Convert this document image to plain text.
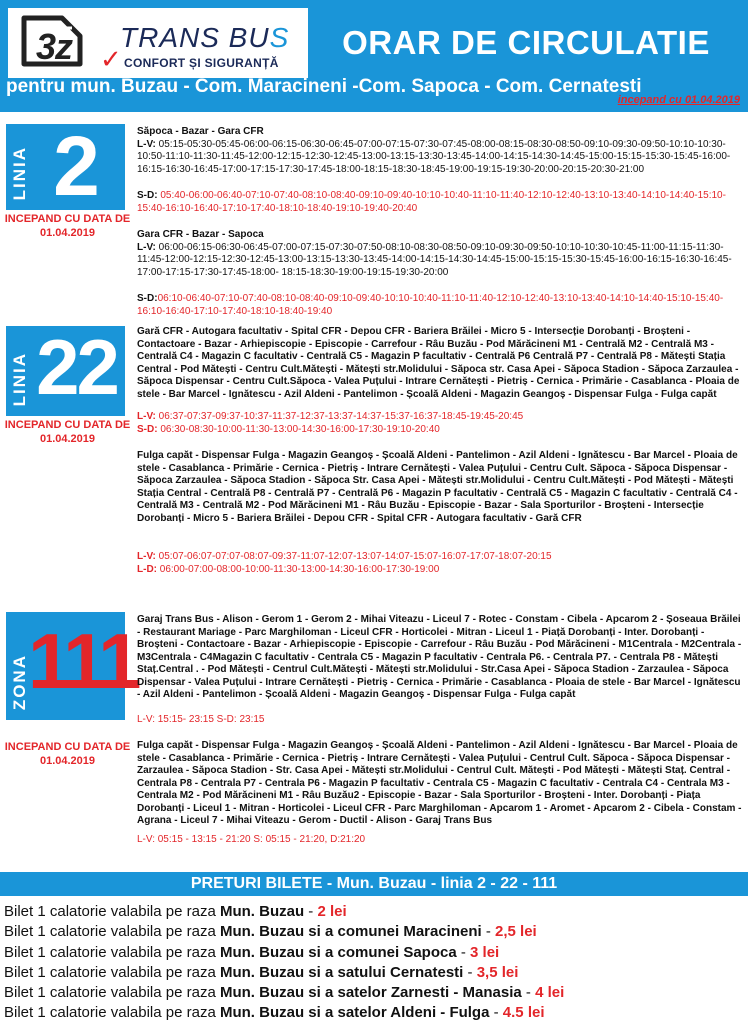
3z ✓
TRANS BUS
CONFORT ȘI SIGURANȚĂ
ORAR DE CIRCULATIE
pentru mun. Buzau - Com. Maracineni -Com. Sapoca - Com. Cernatesti
incepand cu 01.04.2019
LINIA 2
INCEPAND CU DATA DE 01.04.2019
Săpoca - Bazar - Gara CFR
L-V: 05:15-05:30-05:45-06:00-06:15-06:30-06:45-07:00-07:15-07:30-07:45-08:00-08:15-08:30-08:50-09:10-09:30-09:50-10:10-10:30-10:50-11:10-11:30-11:45-12:00-12:15-12:30-12:45-13:00-13:15-13:30-13:45-14:00-14:15-14:30-14:45-15:00-15:15-15:30-15:45-16:00-16:15-16:30-16:45-17:00-17:15-17:30-17:45-18:00-18:15-18:30-18:45-19:00-19:15-19:30-20:00-20:15-20:30-21:00
S-D: 05:40-06:00-06:40-07:10-07:40-08:10-08:40-09:10-09:40-10:10-10:40-11:10-11:40-12:10-12:40-13:10-13:40-14:10-14:40-15:10-15:40-16:10-16:40-17:10-17:40-18:10-18:40-19:10-19:40-20:40
Gara CFR - Bazar - Sapoca
L-V: 06:00-06:15-06:30-06:45-07:00-07:15-07:30-07:50-08:10-08:30-08:50-09:10-09:30-09:50-10:10-10:30-10:45-11:00-11:15-11:30-11:45-12:00-12:15-12:30-12:45-13:00-13:15-13:30-13:45-14:00-14:15-14:30-14:45-15:00-15:15-15:30-15:45-16:00-16:15-16:30-16:45-17:00-17:15-17:30-17:45-18:00- 18:15-18:30-19:00-19:15-19:30-20:00
S-D:06:10-06:40-07:10-07:40-08:10-08:40-09:10-09:40-10:10-10:40-11:10-11:40-12:10-12:40-13:10-13:40-14:10-14:40-15:10-15:40-16:10-16:40-17:10-17:40-18:10-18:40-19:40
LINIA 22
INCEPAND CU DATA DE 01.04.2019
Gară CFR - Autogara facultativ - Spital CFR - Depou CFR - Bariera Brăilei - Micro 5 - Intersecție Dorobanți - Broșteni - Contactoare - Bazar - Arhiepiscopie - Episcopie - Carrefour - Râu Buzău - Pod Mărăcineni M1 - Centrală M2 - Centrală M3 - Centrală C4 - Magazin C facultativ - Centrală C5 - Magazin P facultativ - Centrală P6 Centrală P7 - Centrală P8 - Mătești Stația Central - Pod Mătești - Centru Cult.Mătești - Mătești str.Molidului - Săpoca str. Casa Apei - Săpoca Stadion - Săpoca Zarzaulea - Săpoca Dispensar - Centru Cult.Săpoca - Valea Puțului - Intrare Cernătești - Pietriș - Cernica - Primărie - Casablanca - Ploaia de stele - Bar Marcel - Ignătescu - Azil Aldeni - Pantelimon - Școală Aldeni - Magazin Geangoș - Dispensar Fulga - Fulga capăt
L-V: 06:37-07:37-09:37-10:37-11:37-12:37-13:37-14:37-15:37-16:37-18:45-19:45-20:45
S-D: 06:30-08:30-10:00-11:30-13:00-14:30-16:00-17:30-19:10-20:40
Fulga capăt - Dispensar Fulga - Magazin Geangoș - Școală Aldeni - Pantelimon - Azil Aldeni - Ignătescu - Bar Marcel - Ploaia de stele - Casablanca - Primărie - Cernica - Pietriș - Intrare Cernătești - Valea Puțului - Centru Cult. Săpoca - Săpoca Dispensar - Săpoca Zarzaulea - Săpoca Stadion - Săpoca Str. Casa Apei - Mătești str.Molidului - Centru Cult.Mătești - Pod Mătești - Mătești Stația Central - Centrală P8 - Centrală P7 - Centrală P6 - Magazin P facultativ - Centrală C5 - Magazin C facultativ - Centrală C4 - Centrală M3 - Centrală M2 - Pod Mărăcineni M1 - Râu Buzău - Episcopie - Bazar - Sala Sporturilor - Broșteni - Intersecție Dorobanți - Micro 5 - Bariera Brăilei - Depou CFR - Spital CFR - Autogara facultativ - Gară CFR
L-V: 05:07-06:07-07:07-08:07-09:37-11:07-12:07-13:07-14:07-15:07-16:07-17:07-18:07-20:15
L-D: 06:00-07:00-08:00-10:00-11:30-13:00-14:30-16:00-17:30-19:00
ZONA 111
INCEPAND CU DATA DE 01.04.2019
Garaj Trans Bus - Alison - Gerom 1 - Gerom 2 - Mihai Viteazu - Liceul 7 - Rotec - Constam - Cibela - Apcarom 2 - Șoseaua Brăilei - Restaurant Mariage - Parc Marghiloman - Liceul CFR - Horticolei - Mitran - Liceul 1 - Piață Dorobanți - Inter. Dorobanți - Broșteni - Contactoare - Bazar - Arhiepiscopie - Episcopie - Carrefour - Râu Buzău - Pod Mărăcineni - M1Centrala - M2Centrala -M3Centrala - C4Magazin C facultativ - Centrala C5 - Magazin P facultativ - Centrala P6. - Centrala P7. - Centrala P8 - Mătești Staț.Central . - Pod Mătești - Centrul Cult.Mătești - Mătești str.Molidului - Str.Casa Apei - Săpoca Stadion - Zarzaulea - Săpoca Dispensar - Valea Puțului - Intrare Cernătești - Pietriș - Cernica - Primărie - Casablanca - Ploaia de stele - Bar Marcel - Ignătescu - Azil Aldeni - Pantelimon - Școală Aldeni - Magazin Geangoș - Dispensar Fulga - Fulga capăt
L-V: 15:15- 23:15 S-D: 23:15
Fulga capăt - Dispensar Fulga - Magazin Geangoș - Școală Aldeni - Pantelimon - Azil Aldeni - Ignătescu - Bar Marcel - Ploaia de stele - Casablanca - Primărie - Cernica - Pietriș - Intrare Cernătești - Valea Puțului - Centrul Cult. Săpoca - Săpoca Dispensar - Zarzaulea - Săpoca Stadion - Str. Casa Apei - Mătești str.Molidului - Centrul Cult. Mătești - Pod Mătești - Mătești Staț. Central - Centrala P8 - Centrala P7 - Centrala P6 - Magazin P facultativ - Centrala C5 - Magazin C facultativ - Centrala C4 - Centrala M3 - Centrala M2 - Pod Mărăcineni M1 - Râu Buzău2 - Episcopie - Bazar - Sala Sporturilor - Broșteni - Inter. Dorobanți - Piața Dorobanți - Liceul 1 - Mitran - Horticolei - Liceul CFR - Parc Marghiloman - Apcarom 1 - Aromet - Apcarom 2 - Cibela - Constam - Agrana - Liceul 7 - Mihai Viteazu - Gerom - Ductil - Alison - Garaj Trans Bus
L-V: 05:15 - 13:15 - 21:20 S: 05:15 - 21:20, D:21:20
PRETURI BILETE - Mun. Buzau - linia 2 - 22 - 111
Bilet 1 calatorie valabila pe raza Mun. Buzau - 2 lei
Bilet 1 calatorie valabila pe raza Mun. Buzau si a comunei Maracineni - 2,5 lei
Bilet 1 calatorie valabila pe raza Mun. Buzau si a comunei Sapoca - 3 lei
Bilet 1 calatorie valabila pe raza Mun. Buzau si a satului Cernatesti - 3,5 lei
Bilet 1 calatorie valabila pe raza Mun. Buzau si a satelor Zarnesti - Manasia - 4 lei
Bilet 1 calatorie valabila pe raza Mun. Buzau si a satelor Aldeni - Fulga - 4.5 lei
